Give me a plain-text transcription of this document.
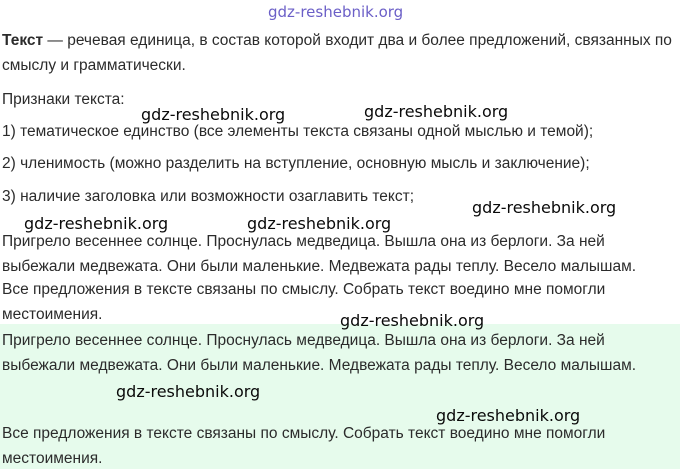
gdz-reshebnik.org

Текст — речевая единица, в состав которой входит два и более предложений, связанных по смыслу и грамматически.

Признаки текста:

gdz-reshebnik.org	gdz-reshebnik.org

1) тематическое единство (все элементы текста связаны одной мыслью и темой);

2) членимость (можно разделить на вступление, основную мысль и заключение);

3) наличие заголовка или возможности озаглавить текст;

gdz-reshebnik.org
gdz-reshebnik.org	gdz-reshebnik.org

Пригрело весеннее солнце. Проснулась медведица. Вышла она из берлоги. За ней выбежали медвежата. Они были маленькие. Медвежата рады теплу. Весело малышам.

Все предложения в тексте связаны по смыслу. Собрать текст воедино мне помогли местоимения.	gdz-reshebnik.org

Пригрело весеннее солнце. Проснулась медведица. Вышла она из берлоги. За ней выбежали медвежата. Они были маленькие. Медвежата рады теплу. Весело малышам.

gdz-reshebnik.org
gdz-reshebnik.org

Все предложения в тексте связаны по смыслу. Собрать текст воедино мне помогли местоимения.
